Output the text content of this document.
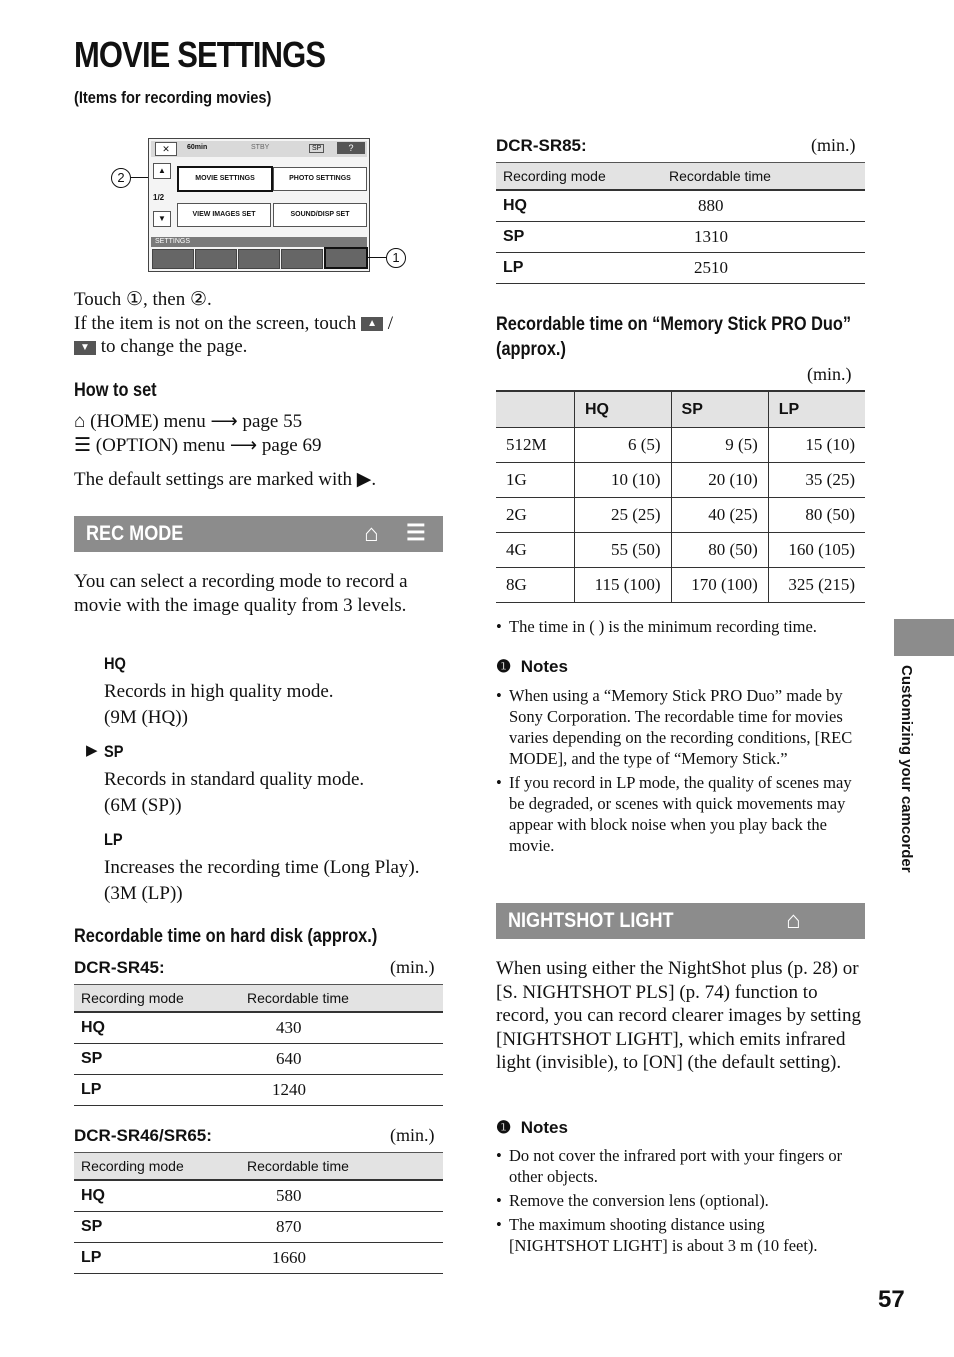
MOVIE SETTINGS
(Items for recording movies)
2
✕	60min	STBY	SP	?
▲
1/2
▼
MOVIE SETTINGS	PHOTO SETTINGS
VIEW IMAGES SET	SOUND/DISP SET
SETTINGS
1
Touch ①, then ②.
If the item is not on the screen, touch ▲ /
▼ to change the page.
How to set
⌂ (HOME) menu ⟶ page 55
☰ (OPTION) menu ⟶ page 69
The default settings are marked with ▶.
REC MODE	⌂ ☰
You can select a recording mode to record a movie with the image quality from 3 levels.
HQ
Records in high quality mode.
(9M (HQ))
▶ SP
Records in standard quality mode.
(6M (SP))
LP
Increases the recording time (Long Play).
(3M (LP))
Recordable time on hard disk (approx.)
DCR-SR45:	(min.)
Recording mode	Recordable time
HQ	430
SP	640
LP	1240
DCR-SR46/SR65:	(min.)
Recording mode	Recordable time
HQ	580
SP	870
LP	1660
DCR-SR85:	(min.)
Recording mode	Recordable time
HQ	880
SP	1310
LP	2510
Recordable time on “Memory Stick PRO Duo” (approx.)
(min.)
	HQ	SP	LP
512M	6 (5)	9 (5)	15 (10)
1G	10 (10)	20 (10)	35 (25)
2G	25 (25)	40 (25)	80 (50)
4G	55 (50)	80 (50)	160 (105)
8G	115 (100)	170 (100)	325 (215)
• The time in ( ) is the minimum recording time.
❶ Notes
• When using a “Memory Stick PRO Duo” made by Sony Corporation. The recordable time for movies varies depending on the recording conditions, [REC MODE], and the type of “Memory Stick.”
• If you record in LP mode, the quality of scenes may be degraded, or scenes with quick movements may appear with block noise when you play back the movie.
NIGHTSHOT LIGHT	⌂
When using either the NightShot plus (p. 28) or [S. NIGHTSHOT PLS] (p. 74) function to record, you can record clearer images by setting [NIGHTSHOT LIGHT], which emits infrared light (invisible), to [ON] (the default setting).
❶ Notes
• Do not cover the infrared port with your fingers or other objects.
• Remove the conversion lens (optional).
• The maximum shooting distance using [NIGHTSHOT LIGHT] is about 3 m (10 feet).
Customizing your camcorder
57
